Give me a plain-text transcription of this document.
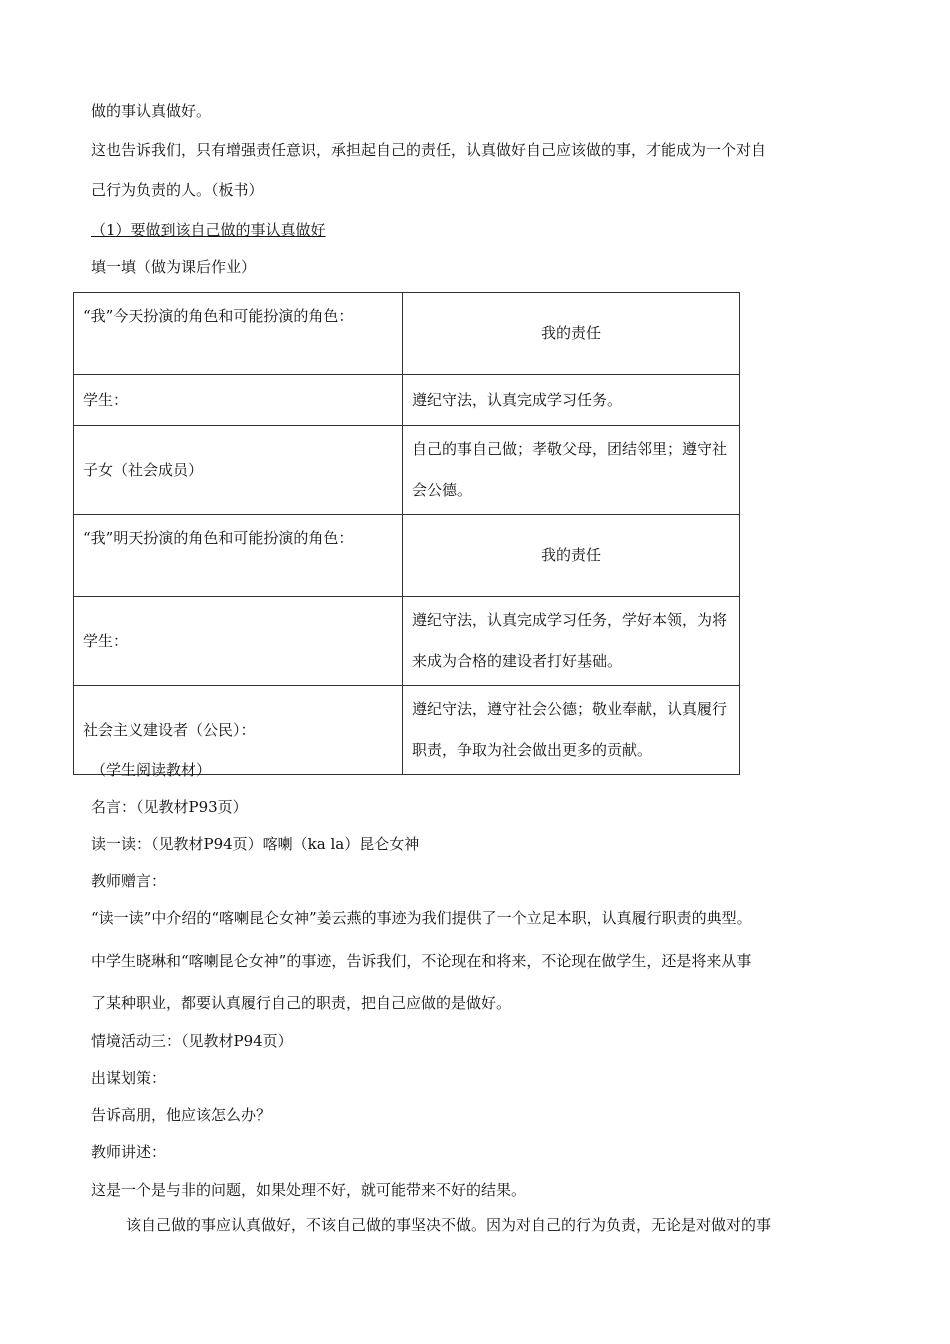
做的事认真做好。
这也告诉我们，只有增强责任意识，承担起自己的责任，认真做好自己应该做的事，才能成为一个对自
己行为负责的人。（板书）
（1）要做到该自己做的事认真做好
填一填（做为课后作业）
“我”今天扮演的角色和可能扮演的角色：	我的责任
学生：	遵纪守法，认真完成学习任务。
子女（社会成员）	自己的事自己做；孝敬父母，团结邻里；遵守社会公德。
“我”明天扮演的角色和可能扮演的角色：	我的责任
学生：	遵纪守法，认真完成学习任务，学好本领，为将来成为合格的建设者打好基础。
社会主义建设者（公民）：	遵纪守法，遵守社会公德；敬业奉献，认真履行职责，争取为社会做出更多的贡献。
（学生阅读教材）
名言：（见教材P93页）
读一读：（见教材P94页）喀喇（ka la）昆仑女神
教师赠言：
“读一读”中介绍的“喀喇昆仑女神”姜云燕的事迹为我们提供了一个立足本职，认真履行职责的典型。
中学生晓琳和“喀喇昆仑女神”的事迹，告诉我们，不论现在和将来，不论现在做学生，还是将来从事
了某种职业，都要认真履行自己的职责，把自己应做的是做好。
情境活动三：（见教材P94页）
出谋划策：
告诉高朋，他应该怎么办？
教师讲述：
这是一个是与非的问题，如果处理不好，就可能带来不好的结果。
该自己做的事应认真做好，不该自己做的事坚决不做。因为对自己的行为负责，无论是对做对的事
